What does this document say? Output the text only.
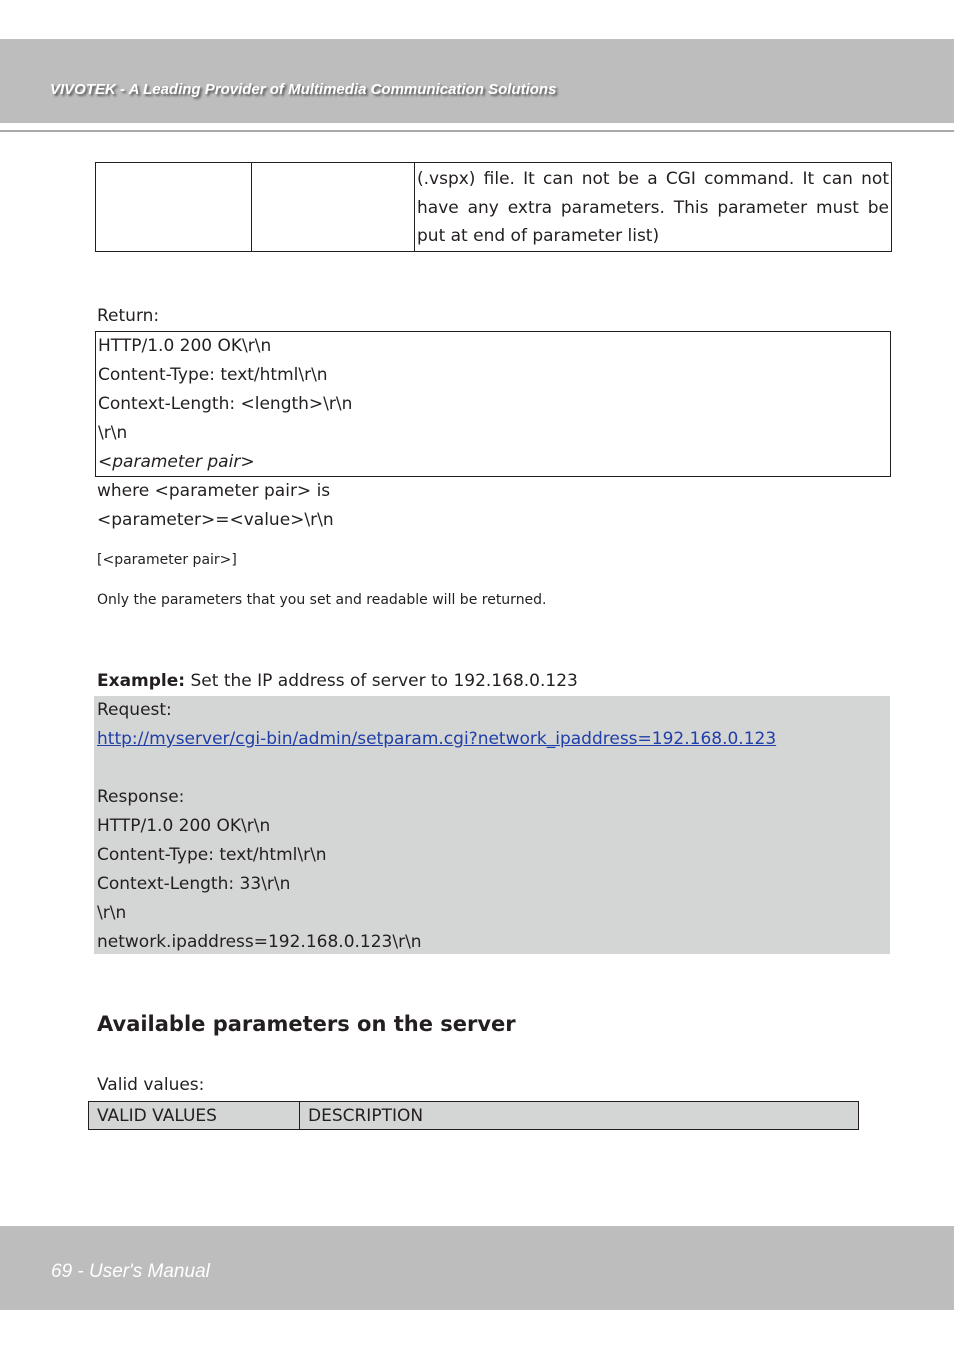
VIVOTEK - A Leading Provider of Multimedia Communication Solutions
		(.vspx) file. It can not be a CGI command. It can not have any extra parameters. This parameter must be put at end of parameter list)
Return:
HTTP/1.0 200 OK\r\n
Content-Type: text/html\r\n
Context-Length: <length>\r\n
\r\n
<parameter pair>
where <parameter pair> is
<parameter>=<value>\r\n
[<parameter pair>]
Only the parameters that you set and readable will be returned.
Example: Set the IP address of server to 192.168.0.123
Request:
http://myserver/cgi-bin/admin/setparam.cgi?network_ipaddress=192.168.0.123
Response:
HTTP/1.0 200 OK\r\n
Content-Type: text/html\r\n
Context-Length: 33\r\n
\r\n
network.ipaddress=192.168.0.123\r\n
Available parameters on the server
Valid values:
VALID VALUES	DESCRIPTION
69 - User's Manual
